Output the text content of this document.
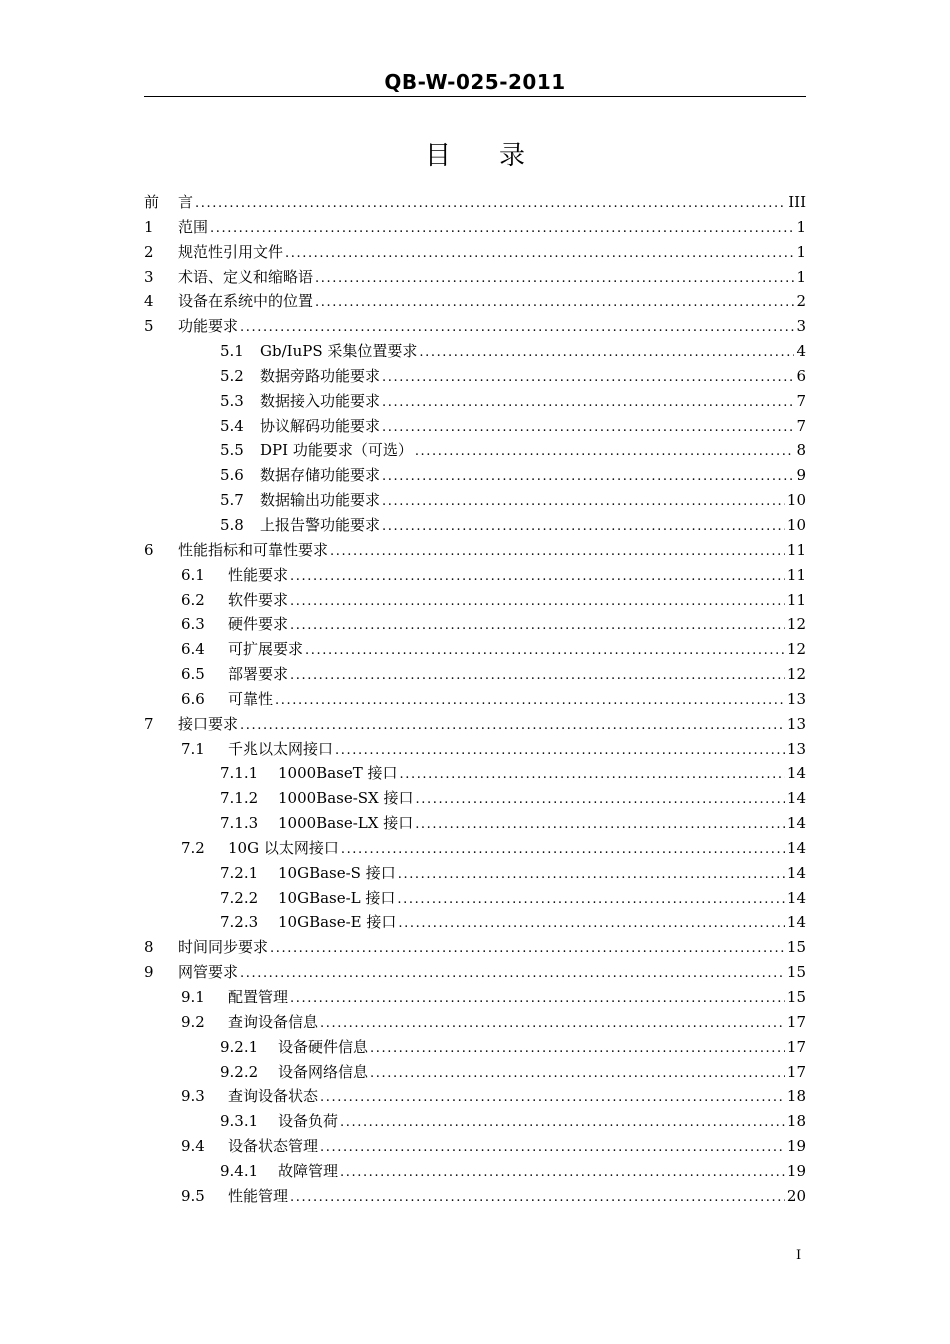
QB-W-025-2011
目 录
前	言 .....	III
1	范围 .....	1
2	规范性引用文件 .....	1
3	术语、定义和缩略语 .....	1
4	设备在系统中的位置 .....	2
5	功能要求 .....	3
5.1	Gb/IuPS 采集位置要求 .....	4
5.2	数据旁路功能要求 .....	6
5.3	数据接入功能要求 .....	7
5.4	协议解码功能要求 .....	7
5.5	DPI 功能要求（可选） .....	8
5.6	数据存储功能要求 .....	9
5.7	数据输出功能要求 .....	10
5.8	上报告警功能要求 .....	10
6	性能指标和可靠性要求 .....	11
6.1	性能要求 .....	11
6.2	软件要求 .....	11
6.3	硬件要求 .....	12
6.4	可扩展要求 .....	12
6.5	部署要求 .....	12
6.6	可靠性 .....	13
7	接口要求 .....	13
7.1	千兆以太网接口 .....	13
7.1.1	1000BaseT 接口 .....	14
7.1.2	1000Base-SX 接口 .....	14
7.1.3	1000Base-LX 接口 .....	14
7.2	10G 以太网接口 .....	14
7.2.1	10GBase-S 接口 .....	14
7.2.2	10GBase-L 接口 .....	14
7.2.3	10GBase-E 接口 .....	14
8	时间同步要求 .....	15
9	网管要求 .....	15
9.1	配置管理 .....	15
9.2	查询设备信息 .....	17
9.2.1	设备硬件信息 .....	17
9.2.2	设备网络信息 .....	17
9.3	查询设备状态 .....	18
9.3.1	设备负荷 .....	18
9.4	设备状态管理 .....	19
9.4.1	故障管理 .....	19
9.5	性能管理 .....	20
I
